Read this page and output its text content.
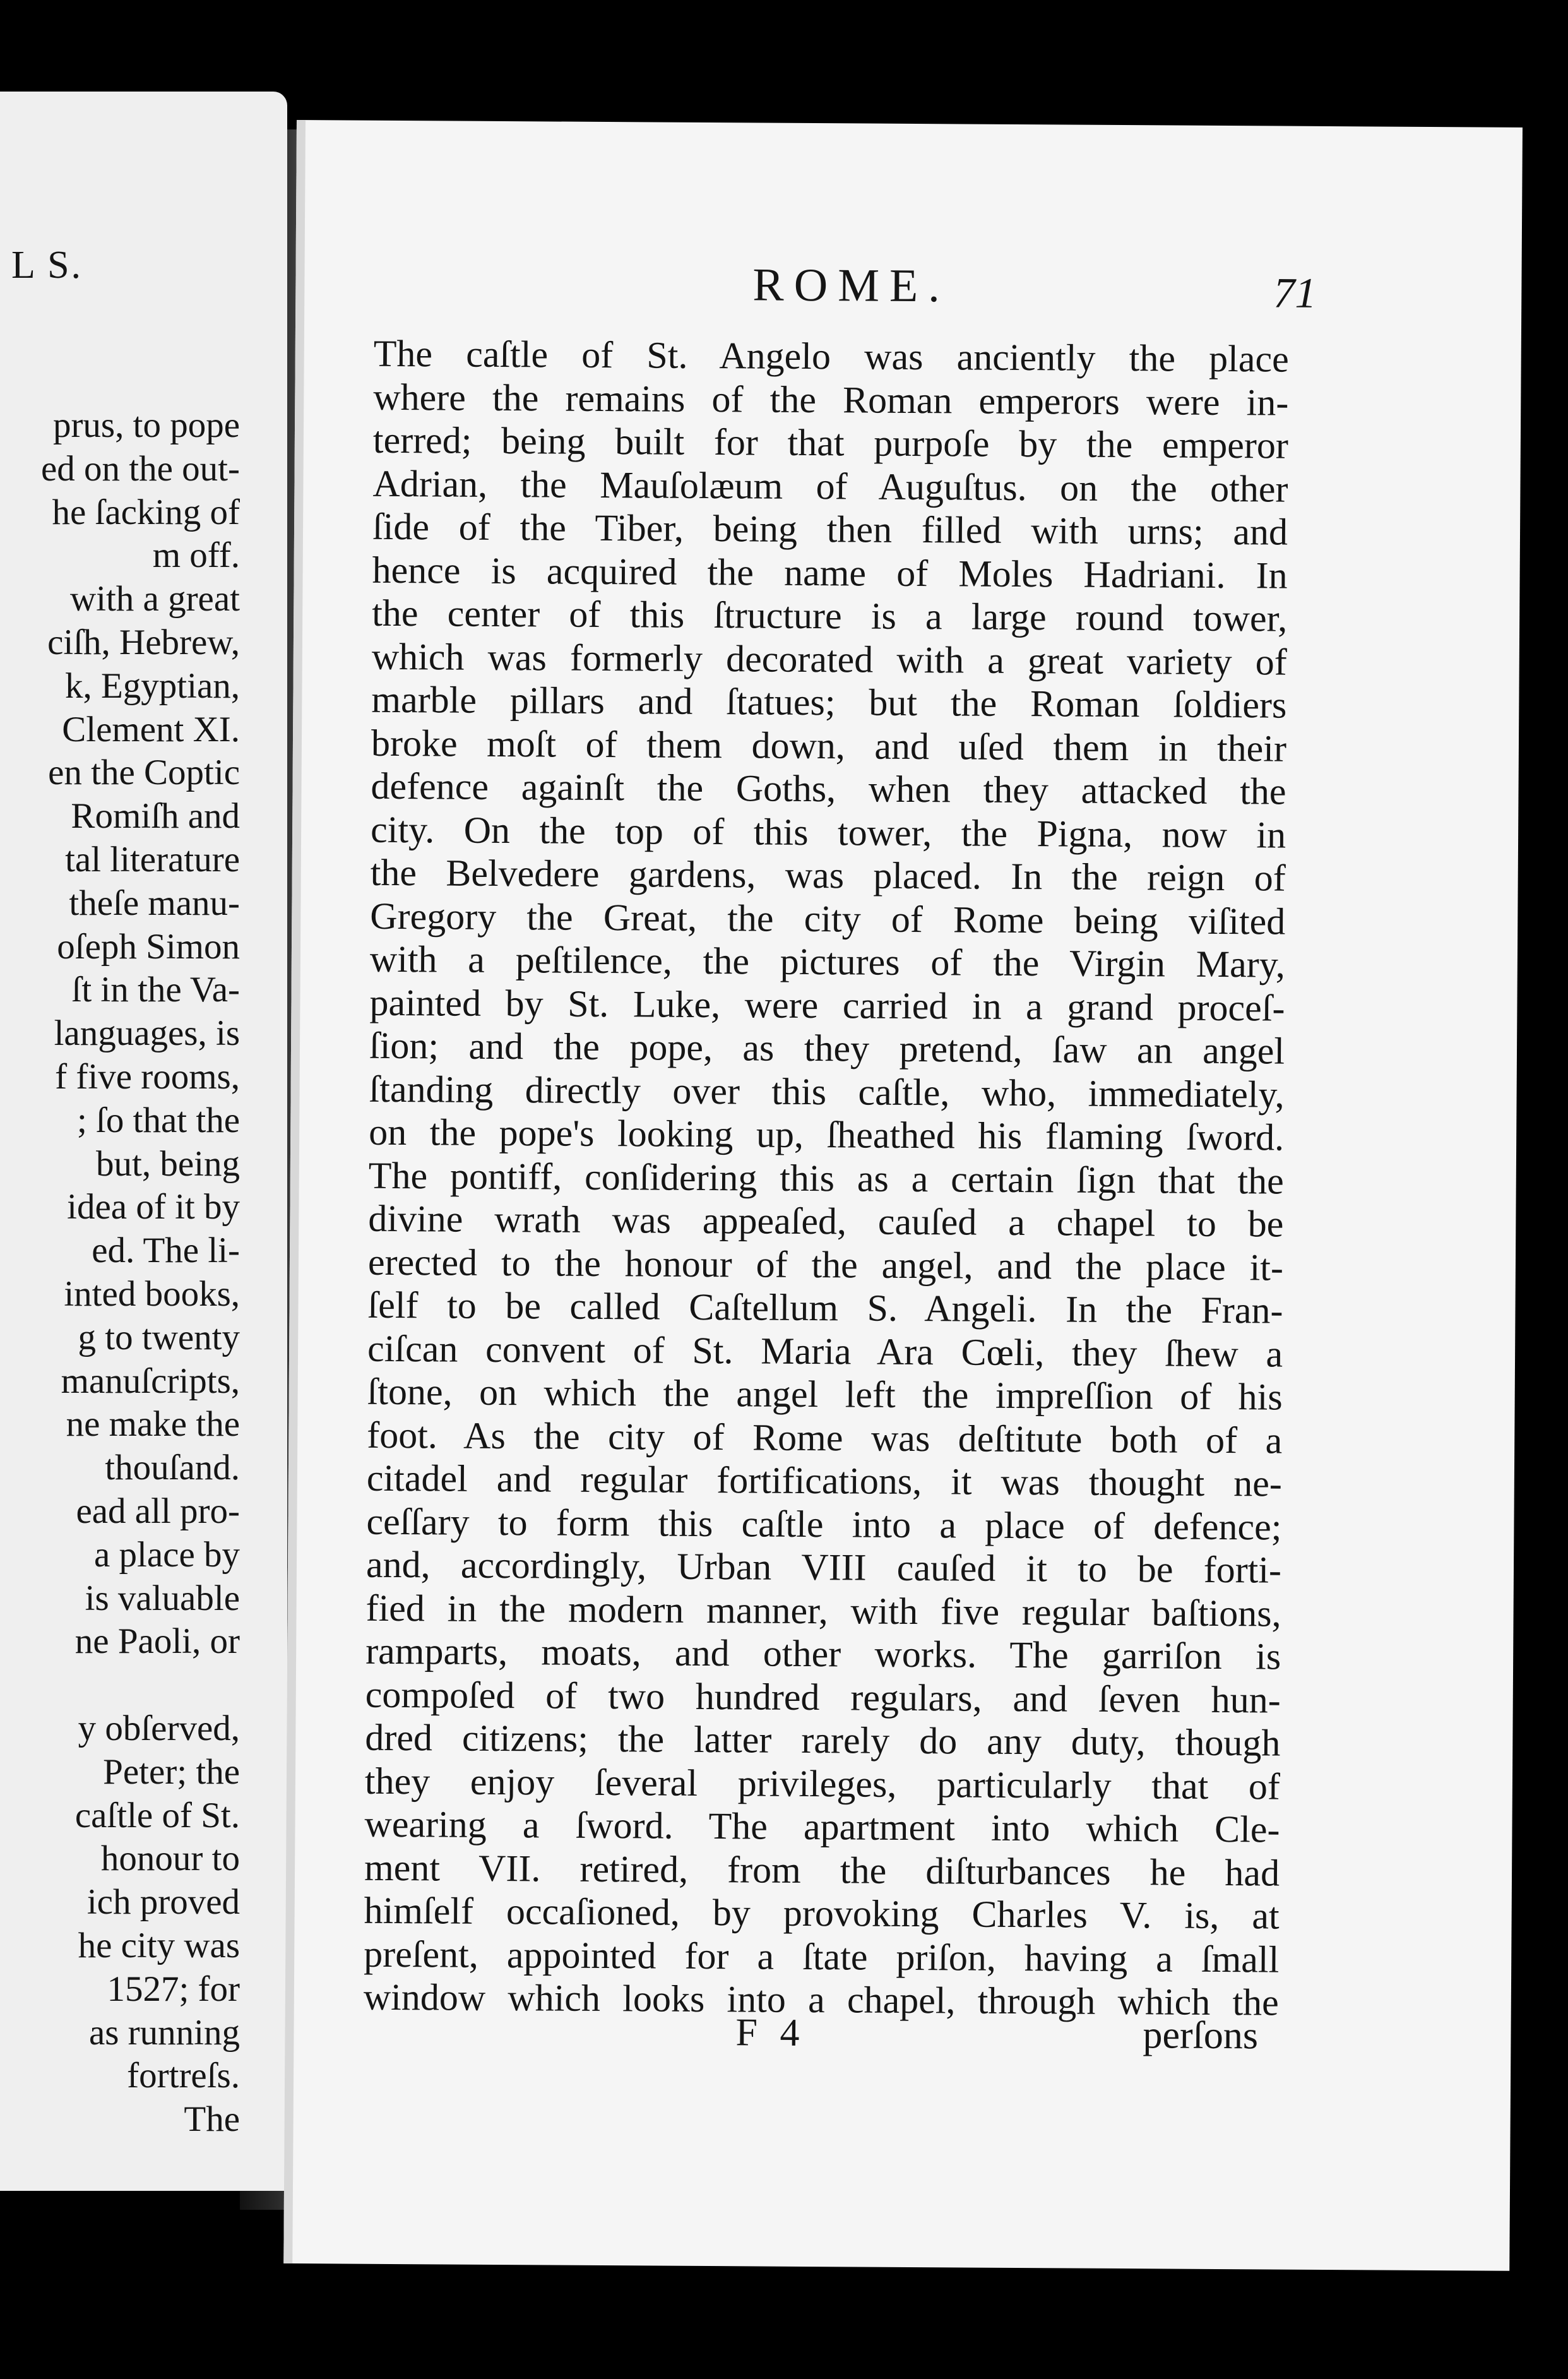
L S.
prus, to pope
ed on the out-
he ſacking of
m off.
with a great
ciſh, Hebrew,
k, Egyptian,
Clement XI.
en the Coptic
Romiſh and
tal literature
theſe manu-
oſeph Simon
ſt in the Va-
languages, is
f five rooms,
; ſo that the
but, being
idea of it by
ed. The li-
inted books,
g to twenty
manuſcripts,
ne make the
thouſand.
ead all pro-
a place by
is valuable
ne Paoli, or
y obſerved,
Peter; the
caſtle of St.
honour to
ich proved
he city was
1527; for
as running
fortreſs.
The
ROME.	71
The caſtle of St. Angelo was anciently the place
where the remains of the Roman emperors were in-
terred; being built for that purpoſe by the emperor
Adrian, the Mauſolæum of Auguſtus. on the other
ſide of the Tiber, being then filled with urns; and
hence is acquired the name of Moles Hadriani. In
the center of this ſtructure is a large round tower,
which was formerly decorated with a great variety of
marble pillars and ſtatues; but the Roman ſoldiers
broke moſt of them down, and uſed them in their
defence againſt the Goths, when they attacked the
city. On the top of this tower, the Pigna, now in
the Belvedere gardens, was placed. In the reign of
Gregory the Great, the city of Rome being viſited
with a peſtilence, the pictures of the Virgin Mary,
painted by St. Luke, were carried in a grand proceſ-
ſion; and the pope, as they pretend, ſaw an angel
ſtanding directly over this caſtle, who, immediately,
on the pope's looking up, ſheathed his flaming ſword.
The pontiff, conſidering this as a certain ſign that the
divine wrath was appeaſed, cauſed a chapel to be
erected to the honour of the angel, and the place it-
ſelf to be called Caſtellum S. Angeli. In the Fran-
ciſcan convent of St. Maria Ara Cœli, they ſhew a
ſtone, on which the angel left the impreſſion of his
foot. As the city of Rome was deſtitute both of a
citadel and regular fortifications, it was thought ne-
ceſſary to form this caſtle into a place of defence;
and, accordingly, Urban VIII cauſed it to be forti-
fied in the modern manner, with five regular baſtions,
ramparts, moats, and other works. The garriſon is
compoſed of two hundred regulars, and ſeven hun-
dred citizens; the latter rarely do any duty, though
they enjoy ſeveral privileges, particularly that of
wearing a ſword. The apartment into which Cle-
ment VII. retired, from the diſturbances he had
himſelf occaſioned, by provoking Charles V. is, at
preſent, appointed for a ſtate priſon, having a ſmall
window which looks into a chapel, through which the
F 4	perſons
